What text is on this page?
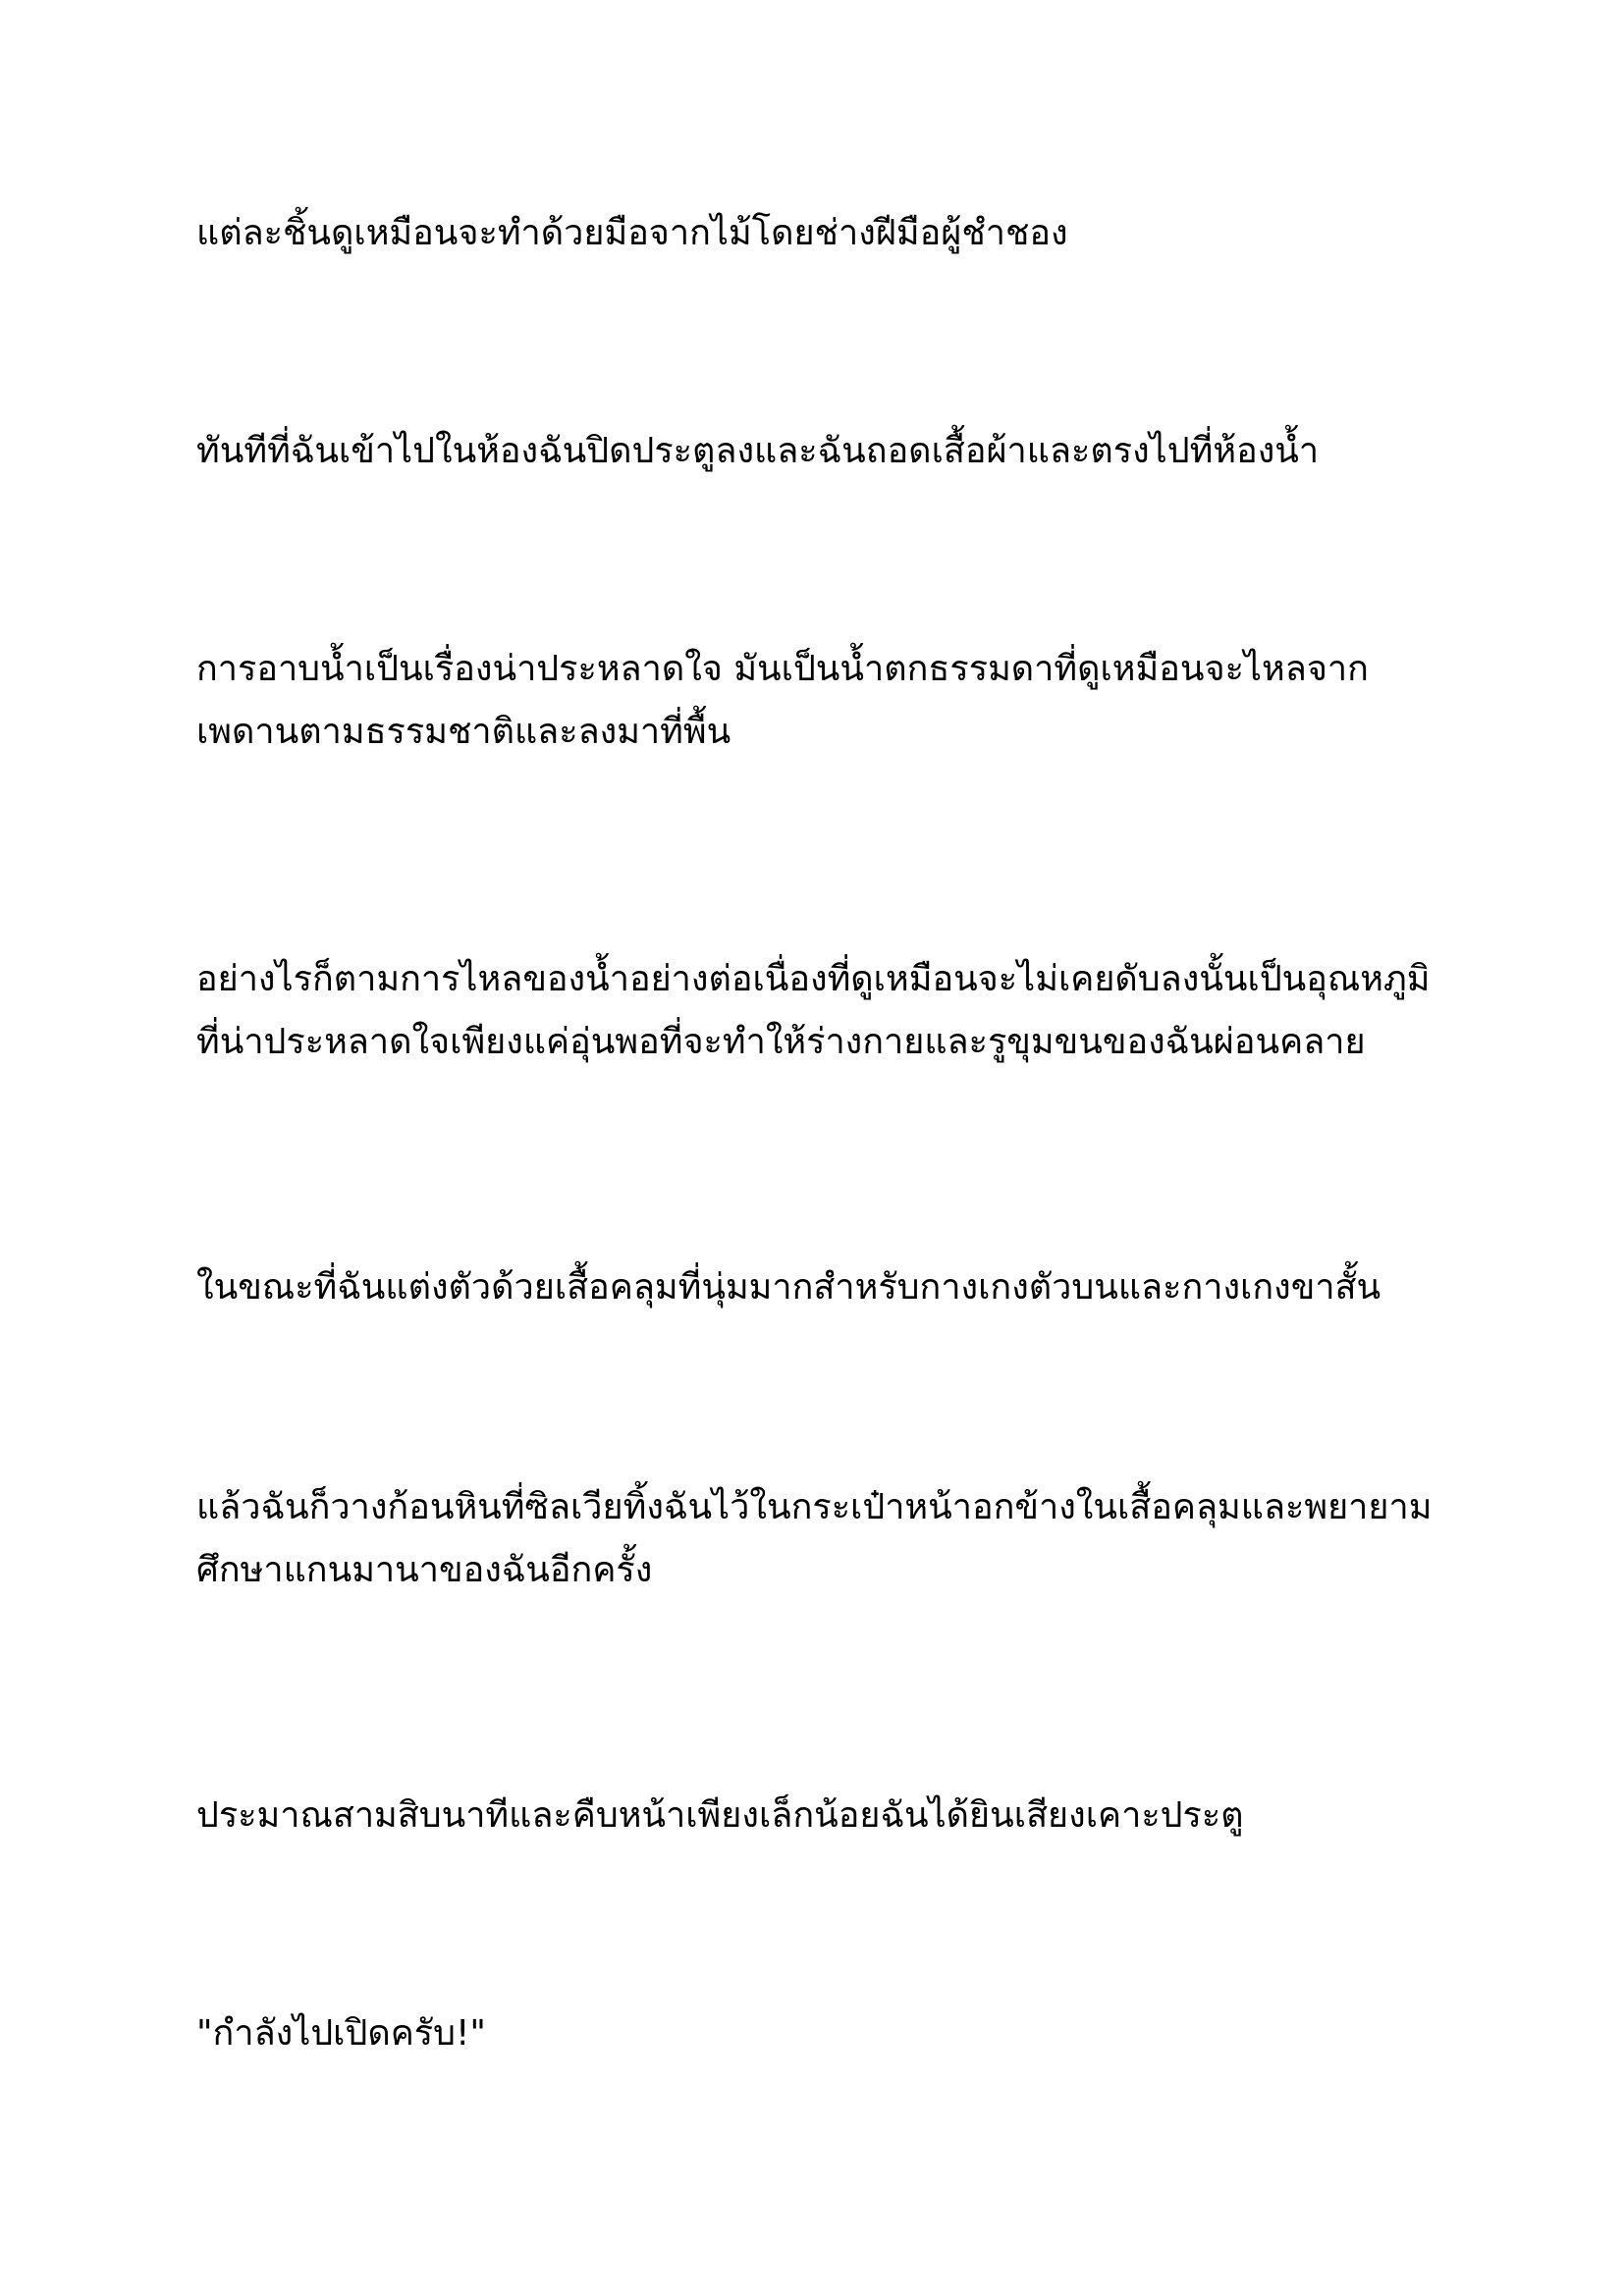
แต่ละชิ้นดูเหมือนจะทำด้วยมือจากไม้โดยช่างฝีมือผู้ชำชอง

ทันทีที่ฉันเข้าไปในห้องฉันปิดประตูลงและฉันถอดเสื้อผ้าและตรงไปที่ห้องน้ำ

การอาบน้ำเป็นเรื่องน่าประหลาดใจ มันเป็นน้ำตกธรรมดาที่ดูเหมือนจะไหลจาก
เพดานตามธรรมชาติและลงมาที่พื้น

อย่างไรก็ตามการไหลของน้ำอย่างต่อเนื่องที่ดูเหมือนจะไม่เคยดับลงนั้นเป็นอุณหภูมิ
ที่น่าประหลาดใจเพียงแค่อุ่นพอที่จะทำให้ร่างกายและรูขุมขนของฉันผ่อนคลาย

ในขณะที่ฉันแต่งตัวด้วยเสื้อคลุมที่นุ่มมากสำหรับกางเกงตัวบนและกางเกงขาสั้น

แล้วฉันก็วางก้อนหินที่ซิลเวียทิ้งฉันไว้ในกระเป๋าหน้าอกข้างในเสื้อคลุมและพยายาม
ศึกษาแกนมานาของฉันอีกครั้ง

ประมาณสามสิบนาทีและคืบหน้าเพียงเล็กน้อยฉันได้ยินเสียงเคาะประตู

"กำลังไปเปิดครับ!"
